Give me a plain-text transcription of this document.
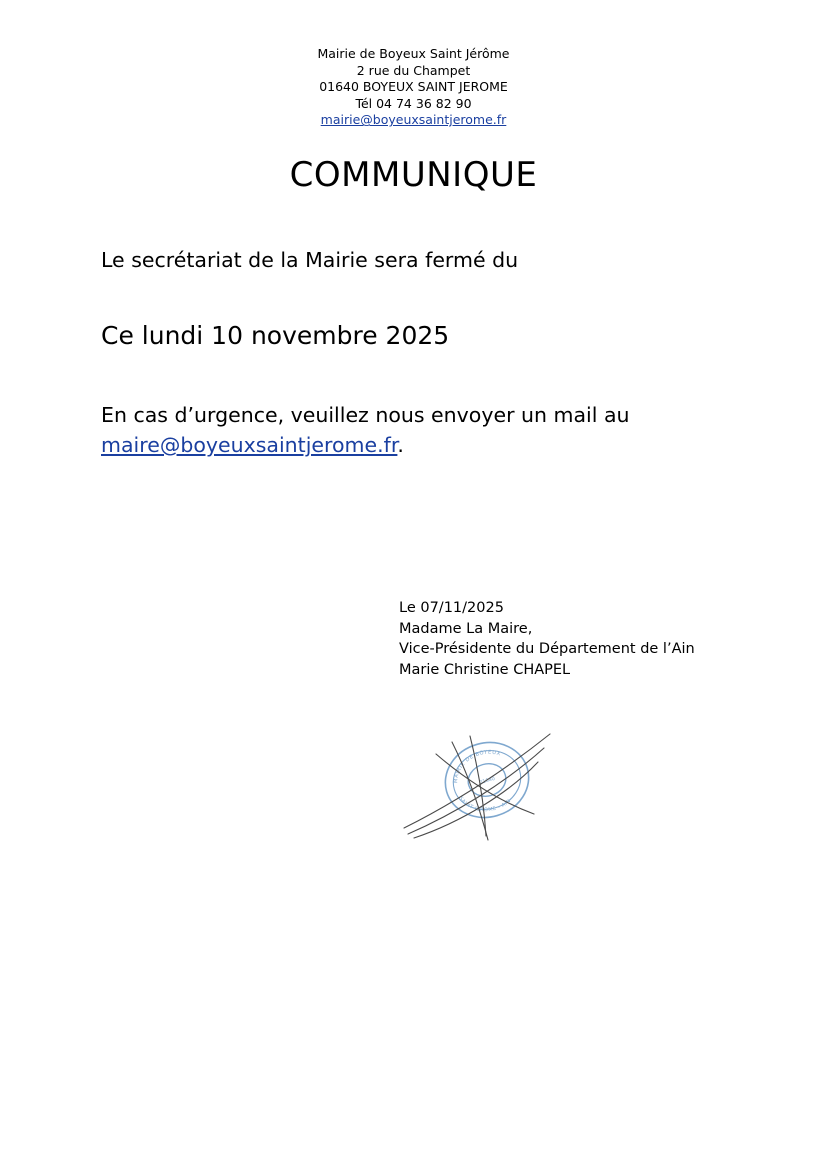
Mairie de Boyeux Saint Jérôme
2 rue du Champet
01640 BOYEUX SAINT JEROME
Tél 04 74 36 82 90
mairie@boyeuxsaintjerome.fr
COMMUNIQUE
Le secrétariat de la Mairie sera fermé du
Ce lundi 10 novembre 2025
En cas d’urgence, veuillez nous envoyer un mail au
maire@boyeuxsaintjerome.fr.
Le 07/11/2025
Madame La Maire,
Vice-Présidente du Département de l’Ain
Marie Christine CHAPEL
MAIRIE DE BOYEUX
SAINT JEROME - AIN
01640
